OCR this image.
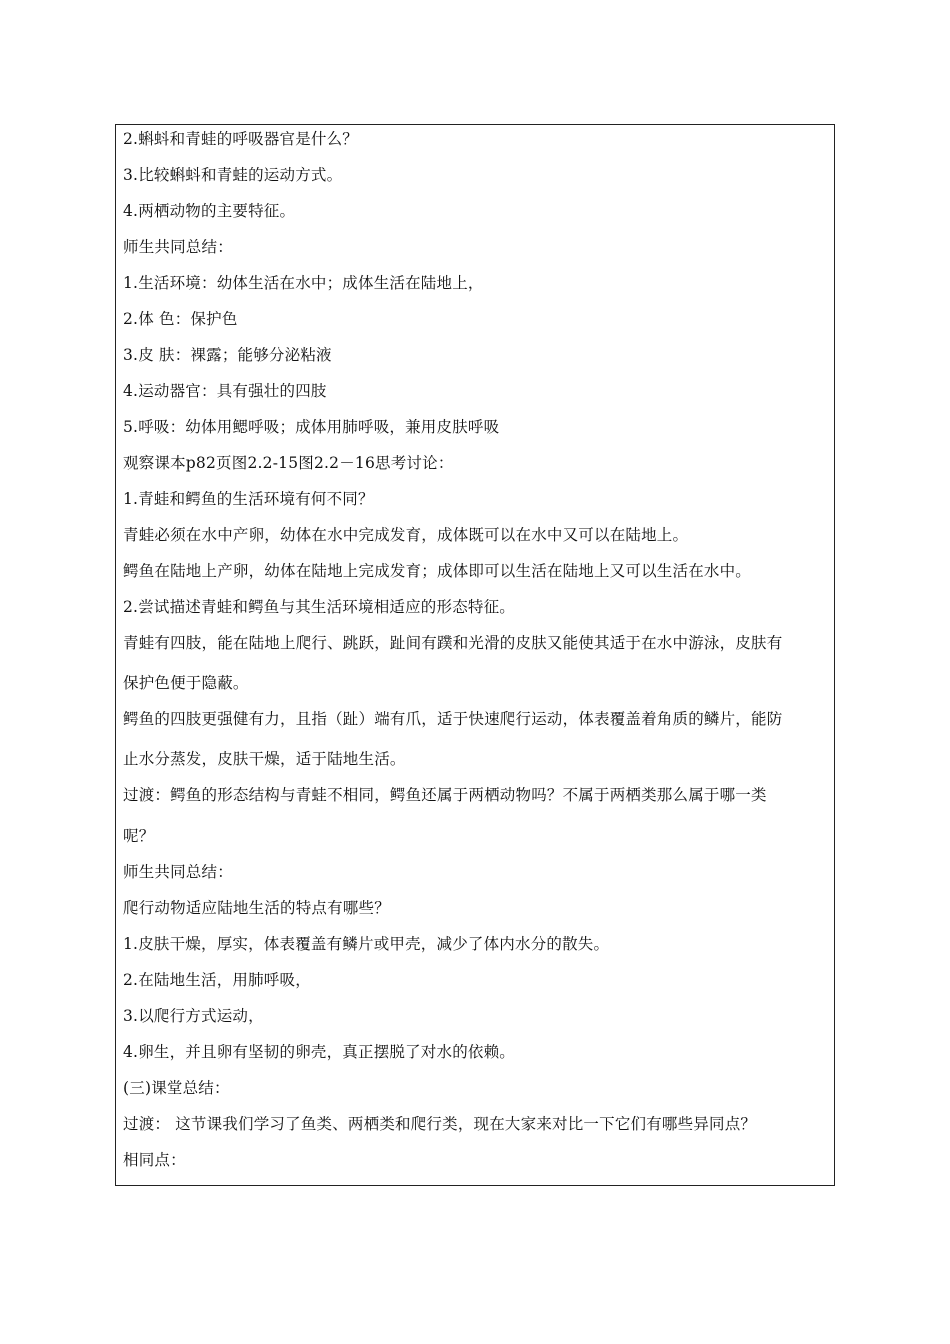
2.蝌蚪和青蛙的呼吸器官是什么？
3.比较蝌蚪和青蛙的运动方式。
4.两栖动物的主要特征。
师生共同总结：
1.生活环境：幼体生活在水中；成体生活在陆地上，
2.体 色：保护色
3.皮 肤：裸露；能够分泌粘液
4.运动器官：具有强壮的四肢
5.呼吸：幼体用鳃呼吸；成体用肺呼吸，兼用皮肤呼吸
观察课本p82页图2.2-15图2.2－16思考讨论：
1.青蛙和鳄鱼的生活环境有何不同？
青蛙必须在水中产卵，幼体在水中完成发育，成体既可以在水中又可以在陆地上。
鳄鱼在陆地上产卵，幼体在陆地上完成发育；成体即可以生活在陆地上又可以生活在水中。
2.尝试描述青蛙和鳄鱼与其生活环境相适应的形态特征。
青蛙有四肢，能在陆地上爬行、跳跃，趾间有蹼和光滑的皮肤又能使其适于在水中游泳，皮肤有
保护色便于隐蔽。
鳄鱼的四肢更强健有力，且指（趾）端有爪，适于快速爬行运动，体表覆盖着角质的鳞片，能防
止水分蒸发，皮肤干燥，适于陆地生活。
过渡：鳄鱼的形态结构与青蛙不相同，鳄鱼还属于两栖动物吗？不属于两栖类那么属于哪一类
呢？
师生共同总结：
爬行动物适应陆地生活的特点有哪些？
1.皮肤干燥，厚实，体表覆盖有鳞片或甲壳，减少了体内水分的散失。
2.在陆地生活，用肺呼吸，
3.以爬行方式运动，
4.卵生，并且卵有坚韧的卵壳，真正摆脱了对水的依赖。
(三)课堂总结：
过渡： 这节课我们学习了鱼类、两栖类和爬行类，现在大家来对比一下它们有哪些异同点？
相同点：
